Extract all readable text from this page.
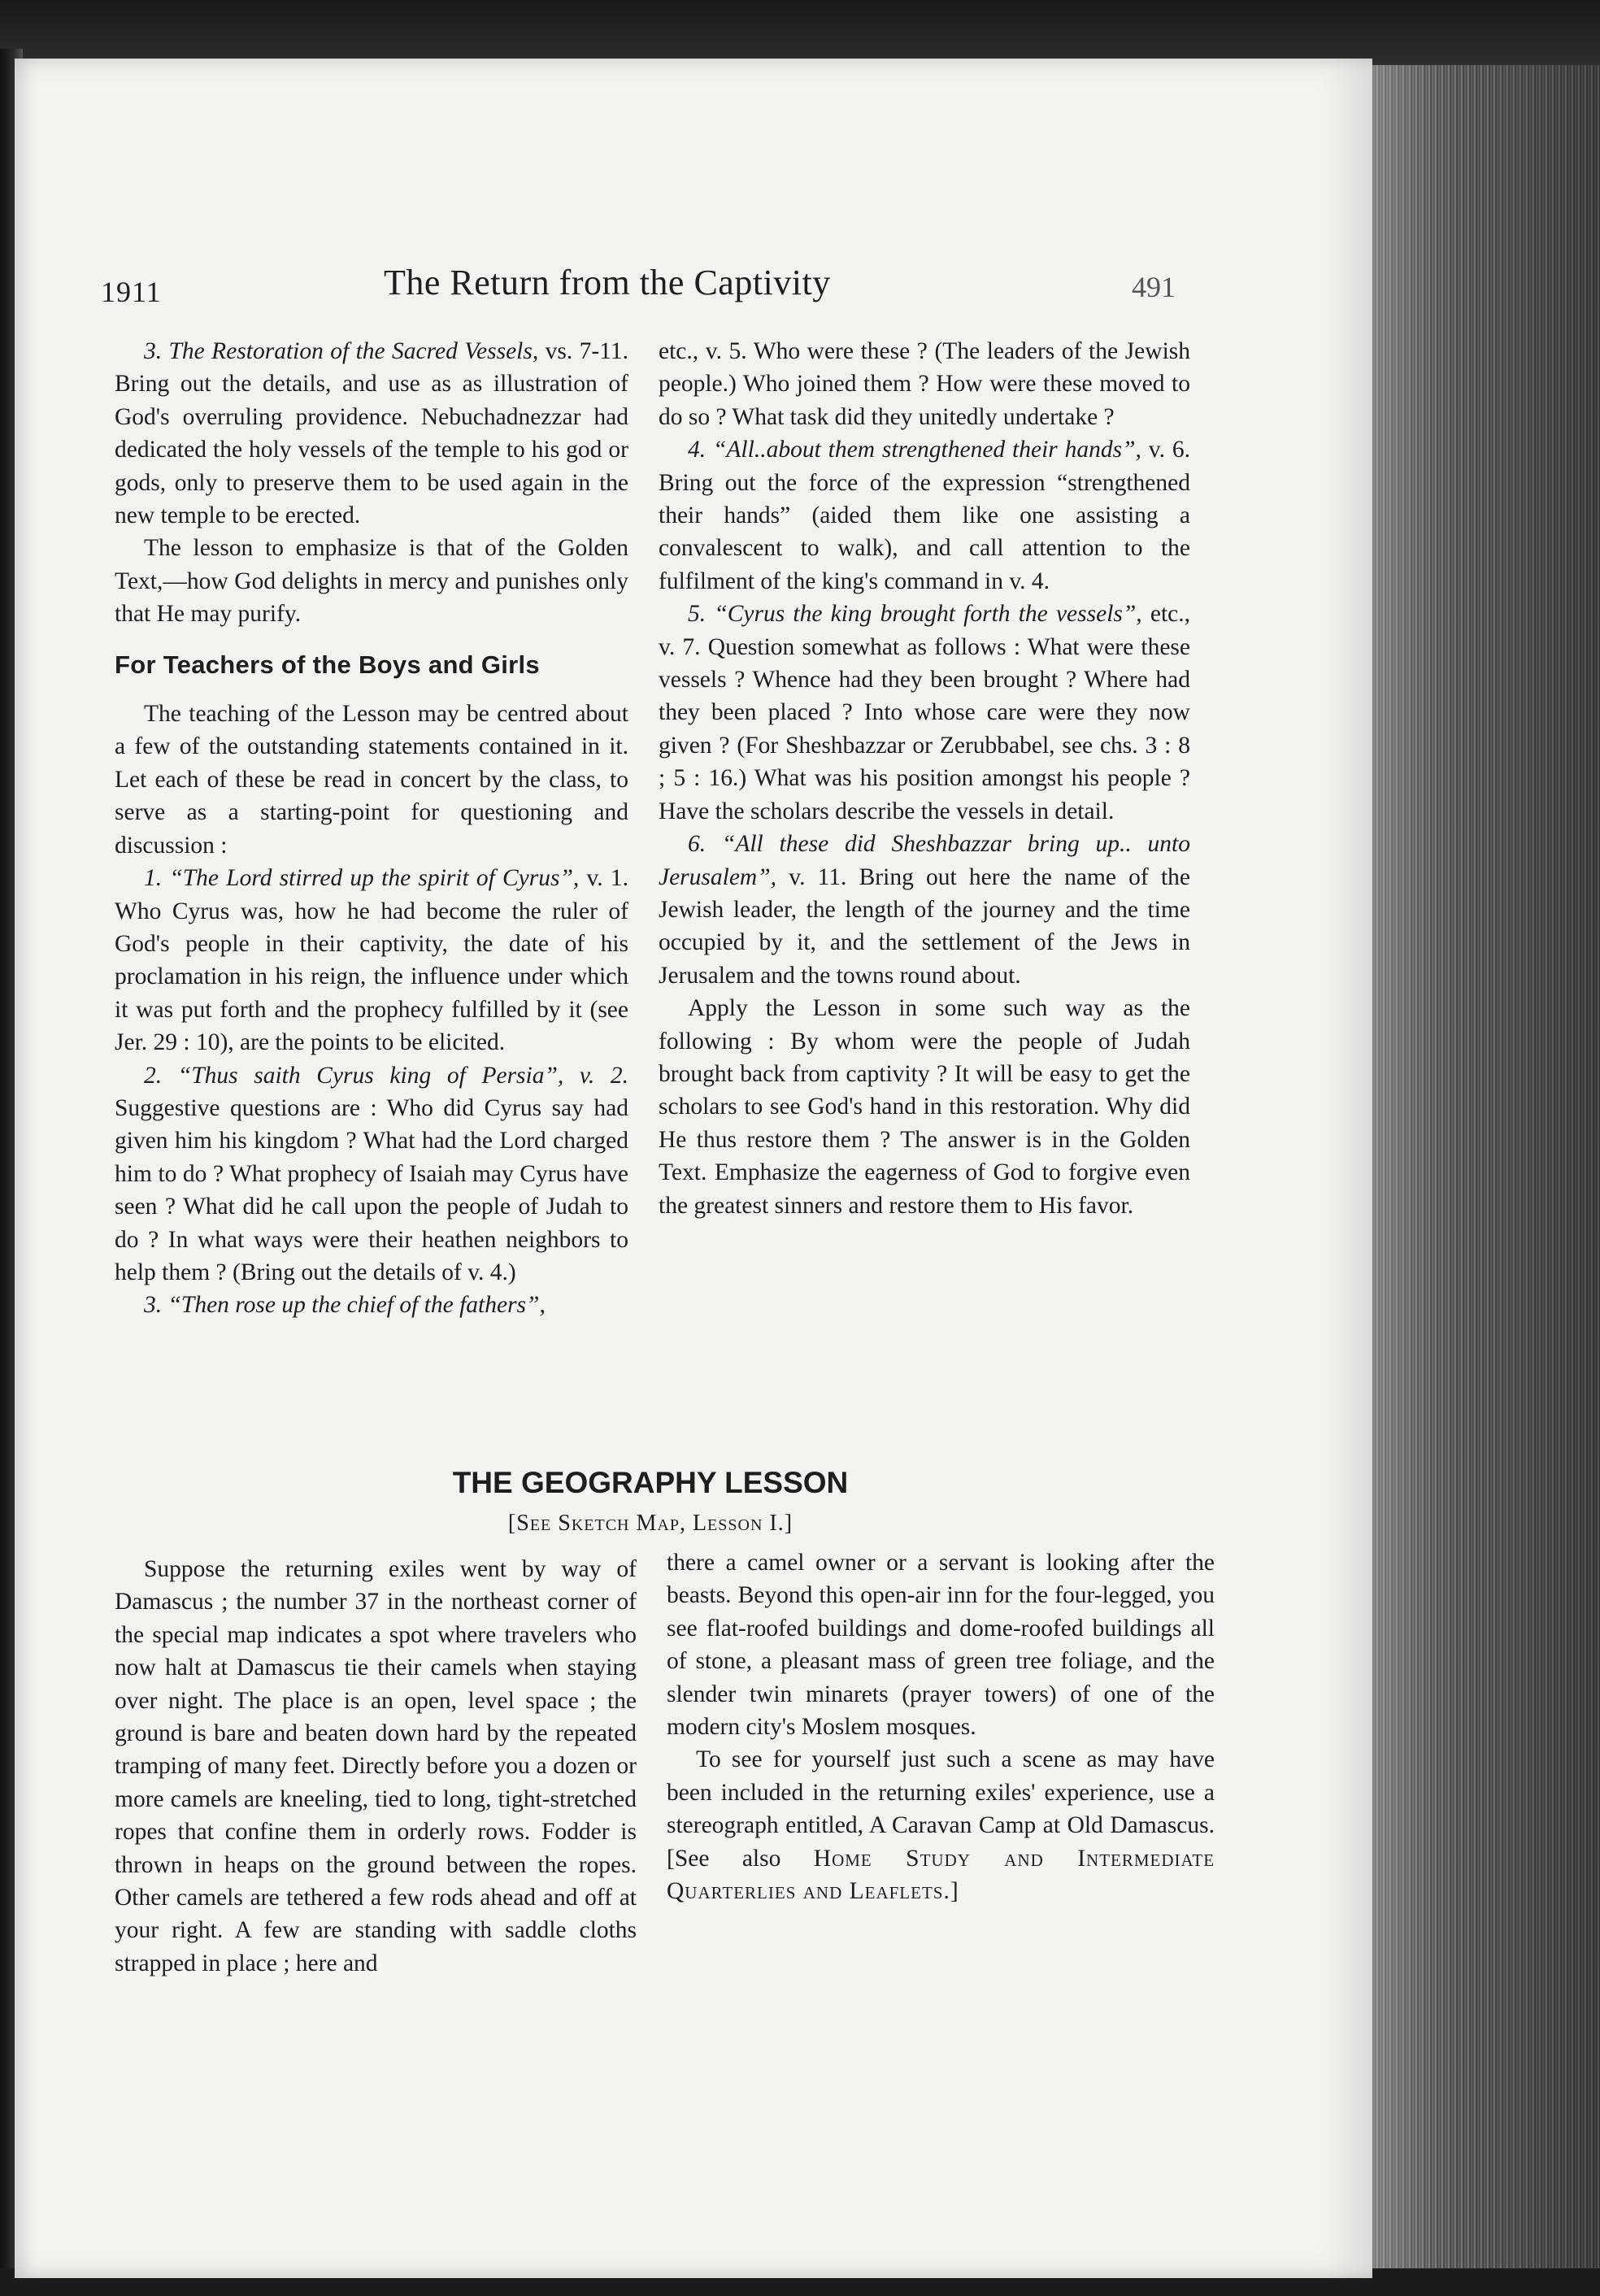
1911	The Return from the Captivity	491

3. The Restoration of the Sacred Vessels, vs. 7-11. Bring out the details, and use as as illustration of God's overruling providence. Nebuchadnezzar had dedicated the holy vessels of the temple to his god or gods, only to preserve them to be used again in the new temple to be erected.

The lesson to emphasize is that of the Golden Text,—how God delights in mercy and punishes only that He may purify.

For Teachers of the Boys and Girls

The teaching of the Lesson may be centred about a few of the outstanding statements contained in it. Let each of these be read in concert by the class, to serve as a starting-point for questioning and discussion :

1. “The Lord stirred up the spirit of Cyrus”, v. 1. Who Cyrus was, how he had become the ruler of God's people in their captivity, the date of his proclamation in his reign, the influence under which it was put forth and the prophecy fulfilled by it (see Jer. 29 : 10), are the points to be elicited.

2. “Thus saith Cyrus king of Persia”, v. 2. Suggestive questions are : Who did Cyrus say had given him his kingdom ? What had the Lord charged him to do ? What prophecy of Isaiah may Cyrus have seen ? What did he call upon the people of Judah to do ? In what ways were their heathen neighbors to help them ? (Bring out the details of v. 4.)

3. “Then rose up the chief of the fathers”,

etc., v. 5. Who were these ? (The leaders of the Jewish people.) Who joined them ? How were these moved to do so ? What task did they unitedly undertake ?

4. “All..about them strengthened their hands”, v. 6. Bring out the force of the expression “strengthened their hands” (aided them like one assisting a convalescent to walk), and call attention to the fulfilment of the king's command in v. 4.

5. “Cyrus the king brought forth the vessels”, etc., v. 7. Question somewhat as follows : What were these vessels ? Whence had they been brought ? Where had they been placed ? Into whose care were they now given ? (For Sheshbazzar or Zerubbabel, see chs. 3 : 8 ; 5 : 16.) What was his position amongst his people ? Have the scholars describe the vessels in detail.

6. “All these did Sheshbazzar bring up.. unto Jerusalem”, v. 11. Bring out here the name of the Jewish leader, the length of the journey and the time occupied by it, and the settlement of the Jews in Jerusalem and the towns round about.

Apply the Lesson in some such way as the following : By whom were the people of Judah brought back from captivity ? It will be easy to get the scholars to see God's hand in this restoration. Why did He thus restore them ? The answer is in the Golden Text. Emphasize the eagerness of God to forgive even the greatest sinners and restore them to His favor.

THE GEOGRAPHY LESSON
[See Sketch Map, Lesson I.]

Suppose the returning exiles went by way of Damascus ; the number 37 in the northeast corner of the special map indicates a spot where travelers who now halt at Damascus tie their camels when staying over night. The place is an open, level space ; the ground is bare and beaten down hard by the repeated tramping of many feet. Directly before you a dozen or more camels are kneeling, tied to long, tight-stretched ropes that confine them in orderly rows. Fodder is thrown in heaps on the ground between the ropes. Other camels are tethered a few rods ahead and off at your right. A few are standing with saddle cloths strapped in place ; here and

there a camel owner or a servant is looking after the beasts. Beyond this open-air inn for the four-legged, you see flat-roofed buildings and dome-roofed buildings all of stone, a pleasant mass of green tree foliage, and the slender twin minarets (prayer towers) of one of the modern city's Moslem mosques.

To see for yourself just such a scene as may have been included in the returning exiles' experience, use a stereograph entitled, A Caravan Camp at Old Damascus. [See also Home Study and Intermediate Quarterlies and Leaflets.]
